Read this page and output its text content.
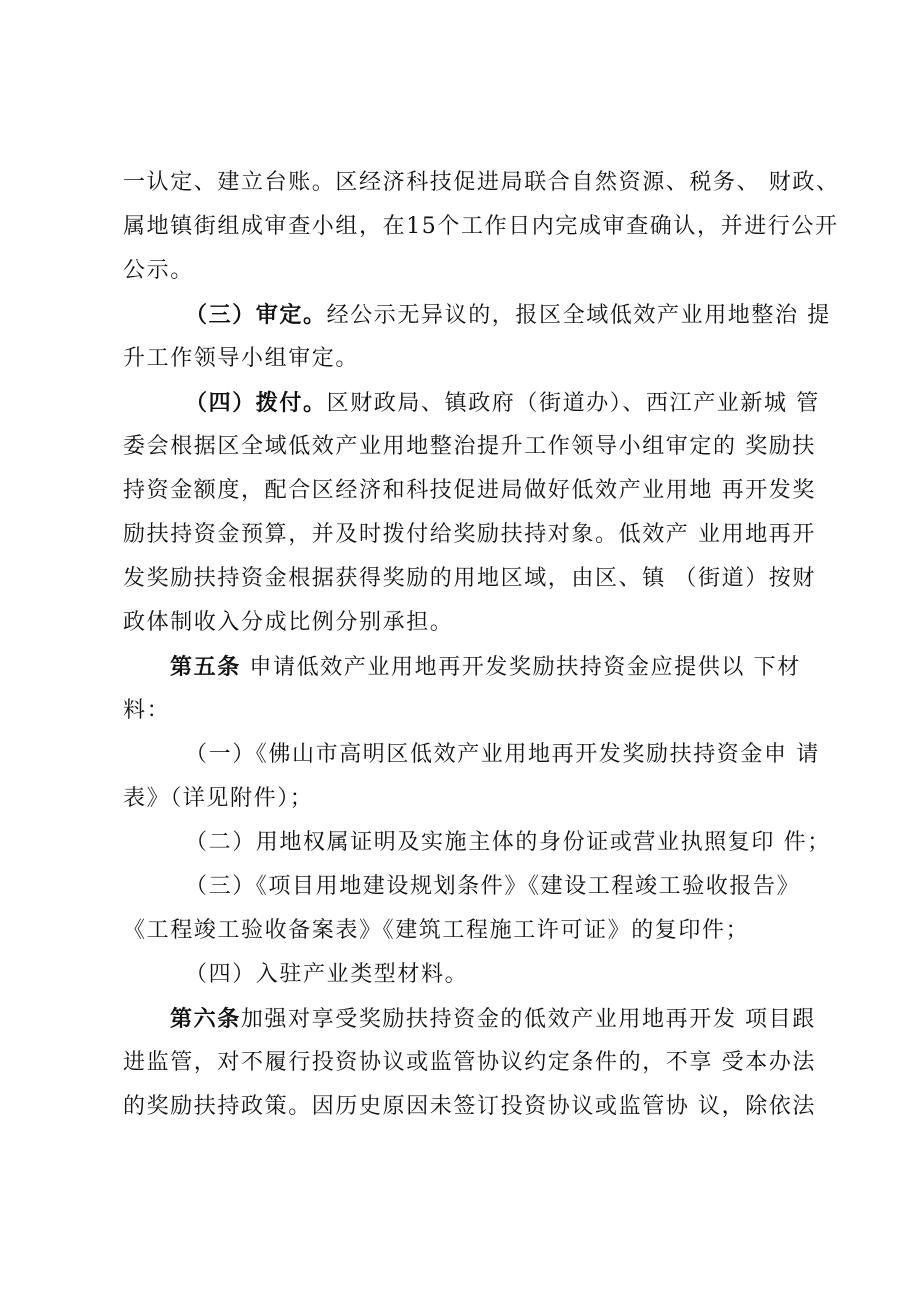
一认定、建立台账。区经济科技促进局联合自然资源、税务、 财政、
属地镇街组成审查小组，在15个工作日内完成审查确认，并进行公开
公示。
（三）审定。经公示无异议的，报区全域低效产业用地整治 提
升工作领导小组审定。
（四）拨付。区财政局、镇政府（街道办）、西江产业新城 管
委会根据区全域低效产业用地整治提升工作领导小组审定的 奖励扶
持资金额度，配合区经济和科技促进局做好低效产业用地 再开发奖
励扶持资金预算，并及时拨付给奖励扶持对象。低效产 业用地再开
发奖励扶持资金根据获得奖励的用地区域，由区、镇 （街道）按财
政体制收入分成比例分别承担。
第五条 申请低效产业用地再开发奖励扶持资金应提供以 下材
料：
（一）《佛山市高明区低效产业用地再开发奖励扶持资金申 请
表》（详见附件）；
（二）用地权属证明及实施主体的身份证或营业执照复印 件；
（三）《项目用地建设规划条件》《建设工程竣工验收报告》
《工程竣工验收备案表》《建筑工程施工许可证》的复印件；
（四）入驻产业类型材料。
第六条加强对享受奖励扶持资金的低效产业用地再开发 项目跟
进监管，对不履行投资协议或监管协议约定条件的，不享 受本办法
的奖励扶持政策。因历史原因未签订投资协议或监管协 议，除依法
